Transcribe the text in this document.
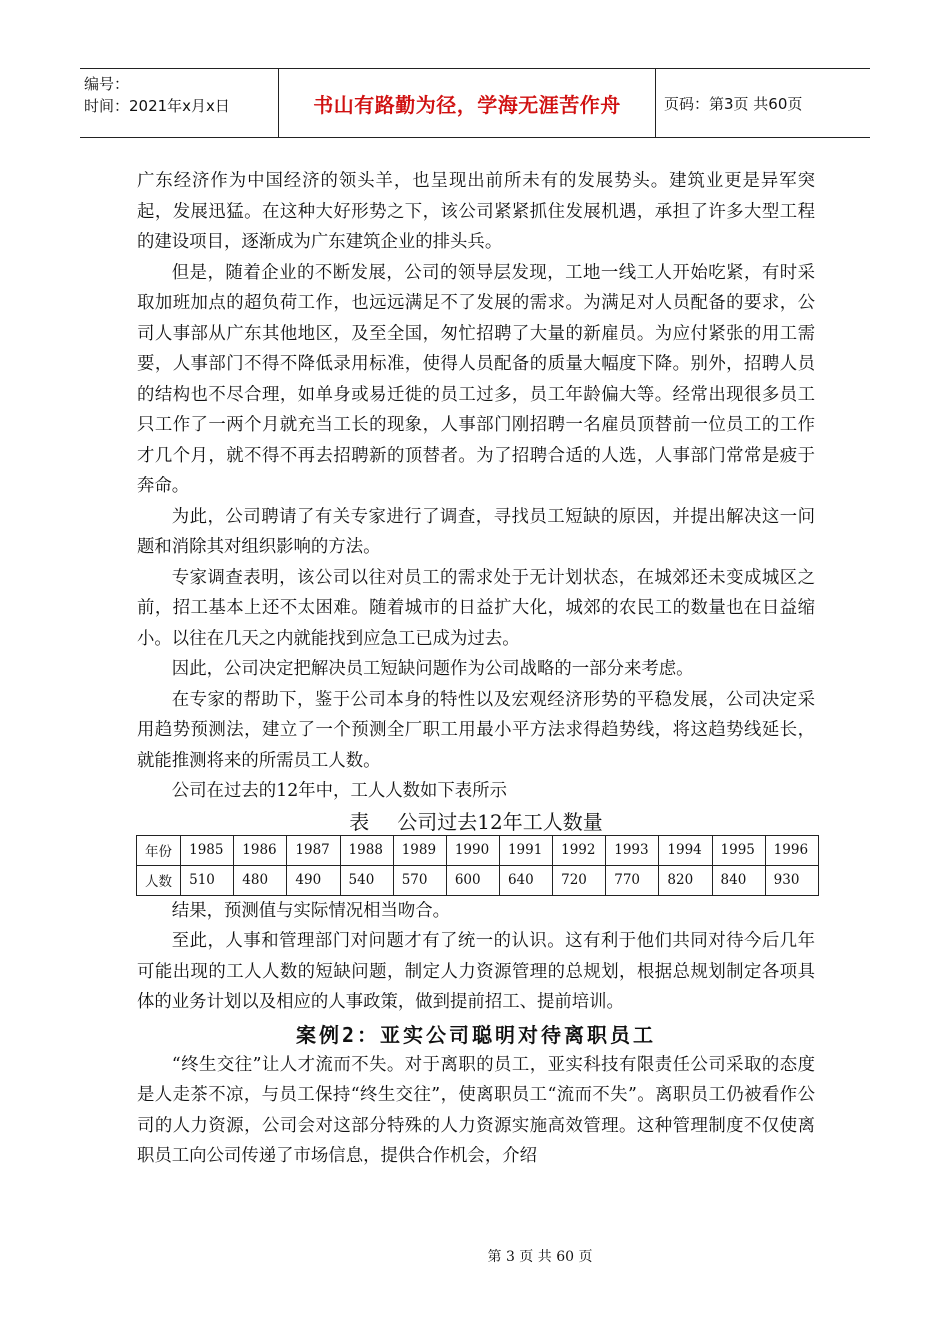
编号：
时间：2021年x月x日	书山有路勤为径，学海无涯苦作舟	页码：第3页 共60页

广东经济作为中国经济的领头羊，也呈现出前所未有的发展势头。建筑业更是异军突起，发展迅猛。在这种大好形势之下，该公司紧紧抓住发展机遇，承担了许多大型工程的建设项目，逐渐成为广东建筑企业的排头兵。

但是，随着企业的不断发展，公司的领导层发现，工地一线工人开始吃紧，有时采取加班加点的超负荷工作，也远远满足不了发展的需求。为满足对人员配备的要求，公司人事部从广东其他地区，及至全国，匆忙招聘了大量的新雇员。为应付紧张的用工需要，人事部门不得不降低录用标准，使得人员配备的质量大幅度下降。别外，招聘人员的结构也不尽合理，如单身或易迁徙的员工过多，员工年龄偏大等。经常出现很多员工只工作了一两个月就充当工长的现象，人事部门刚招聘一名雇员顶替前一位员工的工作才几个月，就不得不再去招聘新的顶替者。为了招聘合适的人选，人事部门常常是疲于奔命。

为此，公司聘请了有关专家进行了调查，寻找员工短缺的原因，并提出解决这一问题和消除其对组织影响的方法。

专家调查表明，该公司以往对员工的需求处于无计划状态，在城郊还未变成城区之前，招工基本上还不太困难。随着城市的日益扩大化，城郊的农民工的数量也在日益缩小。以往在几天之内就能找到应急工已成为过去。

因此，公司决定把解决员工短缺问题作为公司战略的一部分来考虑。

在专家的帮助下，鉴于公司本身的特性以及宏观经济形势的平稳发展，公司决定采用趋势预测法，建立了一个预测全厂职工用最小平方法求得趋势线，将这趋势线延长，就能推测将来的所需员工人数。

公司在过去的12年中，工人人数如下表所示

表 公司过去12年工人数量
年份	1985	1986	1987	1988	1989	1990	1991	1992	1993	1994	1995	1996
人数	510	480	490	540	570	600	640	720	770	820	840	930

结果，预测值与实际情况相当吻合。

至此，人事和管理部门对问题才有了统一的认识。这有利于他们共同对待今后几年可能出现的工人人数的短缺问题，制定人力资源管理的总规划，根据总规划制定各项具体的业务计划以及相应的人事政策，做到提前招工、提前培训。

案例2：亚实公司聪明对待离职员工

“终生交往”让人才流而不失。对于离职的员工，亚实科技有限责任公司采取的态度是人走茶不凉，与员工保持“终生交往”，使离职员工“流而不失”。离职员工仍被看作公司的人力资源，公司会对这部分特殊的人力资源实施高效管理。这种管理制度不仅使离职员工向公司传递了市场信息，提供合作机会，介绍

第 3 页 共 60 页
